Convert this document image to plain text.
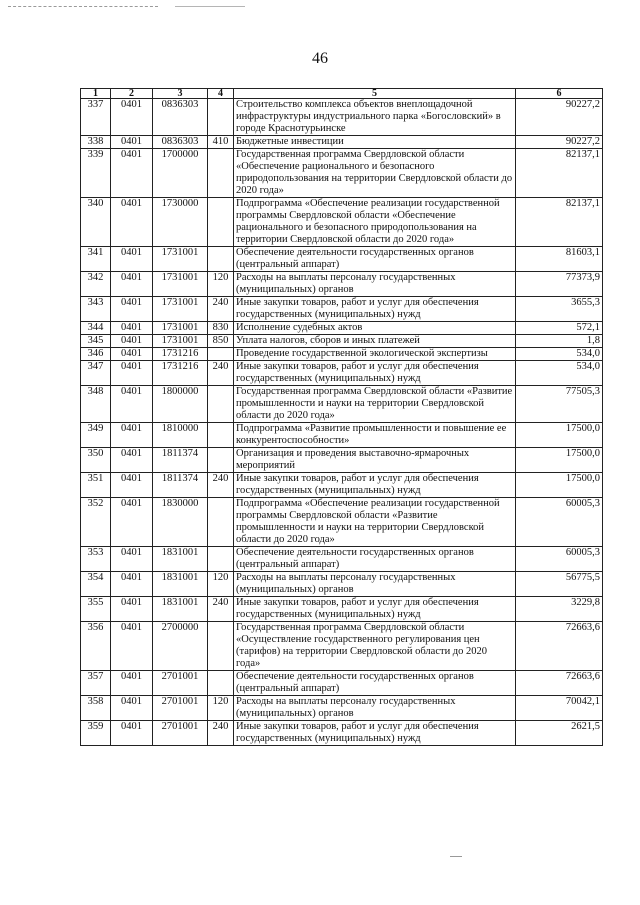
46
1	2	3	4	5	6
337	0401	0836303		Строительство комплекса объектов внеплощадочной инфраструктуры индустриального парка «Богословский» в городе Краснотурьинске	90227,2
338	0401	0836303	410	Бюджетные инвестиции	90227,2
339	0401	1700000		Государственная программа Свердловской области «Обеспечение рационального и безопасного природопользования на территории Свердловской области до 2020 года»	82137,1
340	0401	1730000		Подпрограмма «Обеспечение реализации государственной программы Свердловской области «Обеспечение рационального и безопасного природопользования на территории Свердловской области до 2020 года»	82137,1
341	0401	1731001		Обеспечение деятельности государственных органов (центральный аппарат)	81603,1
342	0401	1731001	120	Расходы на выплаты персоналу государственных (муниципальных) органов	77373,9
343	0401	1731001	240	Иные закупки товаров, работ и услуг для обеспечения государственных (муниципальных) нужд	3655,3
344	0401	1731001	830	Исполнение судебных актов	572,1
345	0401	1731001	850	Уплата налогов, сборов и иных платежей	1,8
346	0401	1731216		Проведение государственной экологической экспертизы	534,0
347	0401	1731216	240	Иные закупки товаров, работ и услуг для обеспечения государственных (муниципальных) нужд	534,0
348	0401	1800000		Государственная программа Свердловской области «Развитие промышленности и науки на территории Свердловской области до 2020 года»	77505,3
349	0401	1810000		Подпрограмма «Развитие промышленности и повышение ее конкурентоспособности»	17500,0
350	0401	1811374		Организация и проведения выставочно-ярмарочных мероприятий	17500,0
351	0401	1811374	240	Иные закупки товаров, работ и услуг для обеспечения государственных (муниципальных) нужд	17500,0
352	0401	1830000		Подпрограмма «Обеспечение реализации государственной программы Свердловской области «Развитие промышленности и науки на территории Свердловской области до 2020 года»	60005,3
353	0401	1831001		Обеспечение деятельности государственных органов (центральный аппарат)	60005,3
354	0401	1831001	120	Расходы на выплаты персоналу государственных (муниципальных) органов	56775,5
355	0401	1831001	240	Иные закупки товаров, работ и услуг для обеспечения государственных (муниципальных) нужд	3229,8
356	0401	2700000		Государственная программа Свердловской области «Осуществление государственного регулирования цен (тарифов) на территории Свердловской области до 2020 года»	72663,6
357	0401	2701001		Обеспечение деятельности государственных органов (центральный аппарат)	72663,6
358	0401	2701001	120	Расходы на выплаты персоналу государственных (муниципальных) органов	70042,1
359	0401	2701001	240	Иные закупки товаров, работ и услуг для обеспечения государственных (муниципальных) нужд	2621,5
